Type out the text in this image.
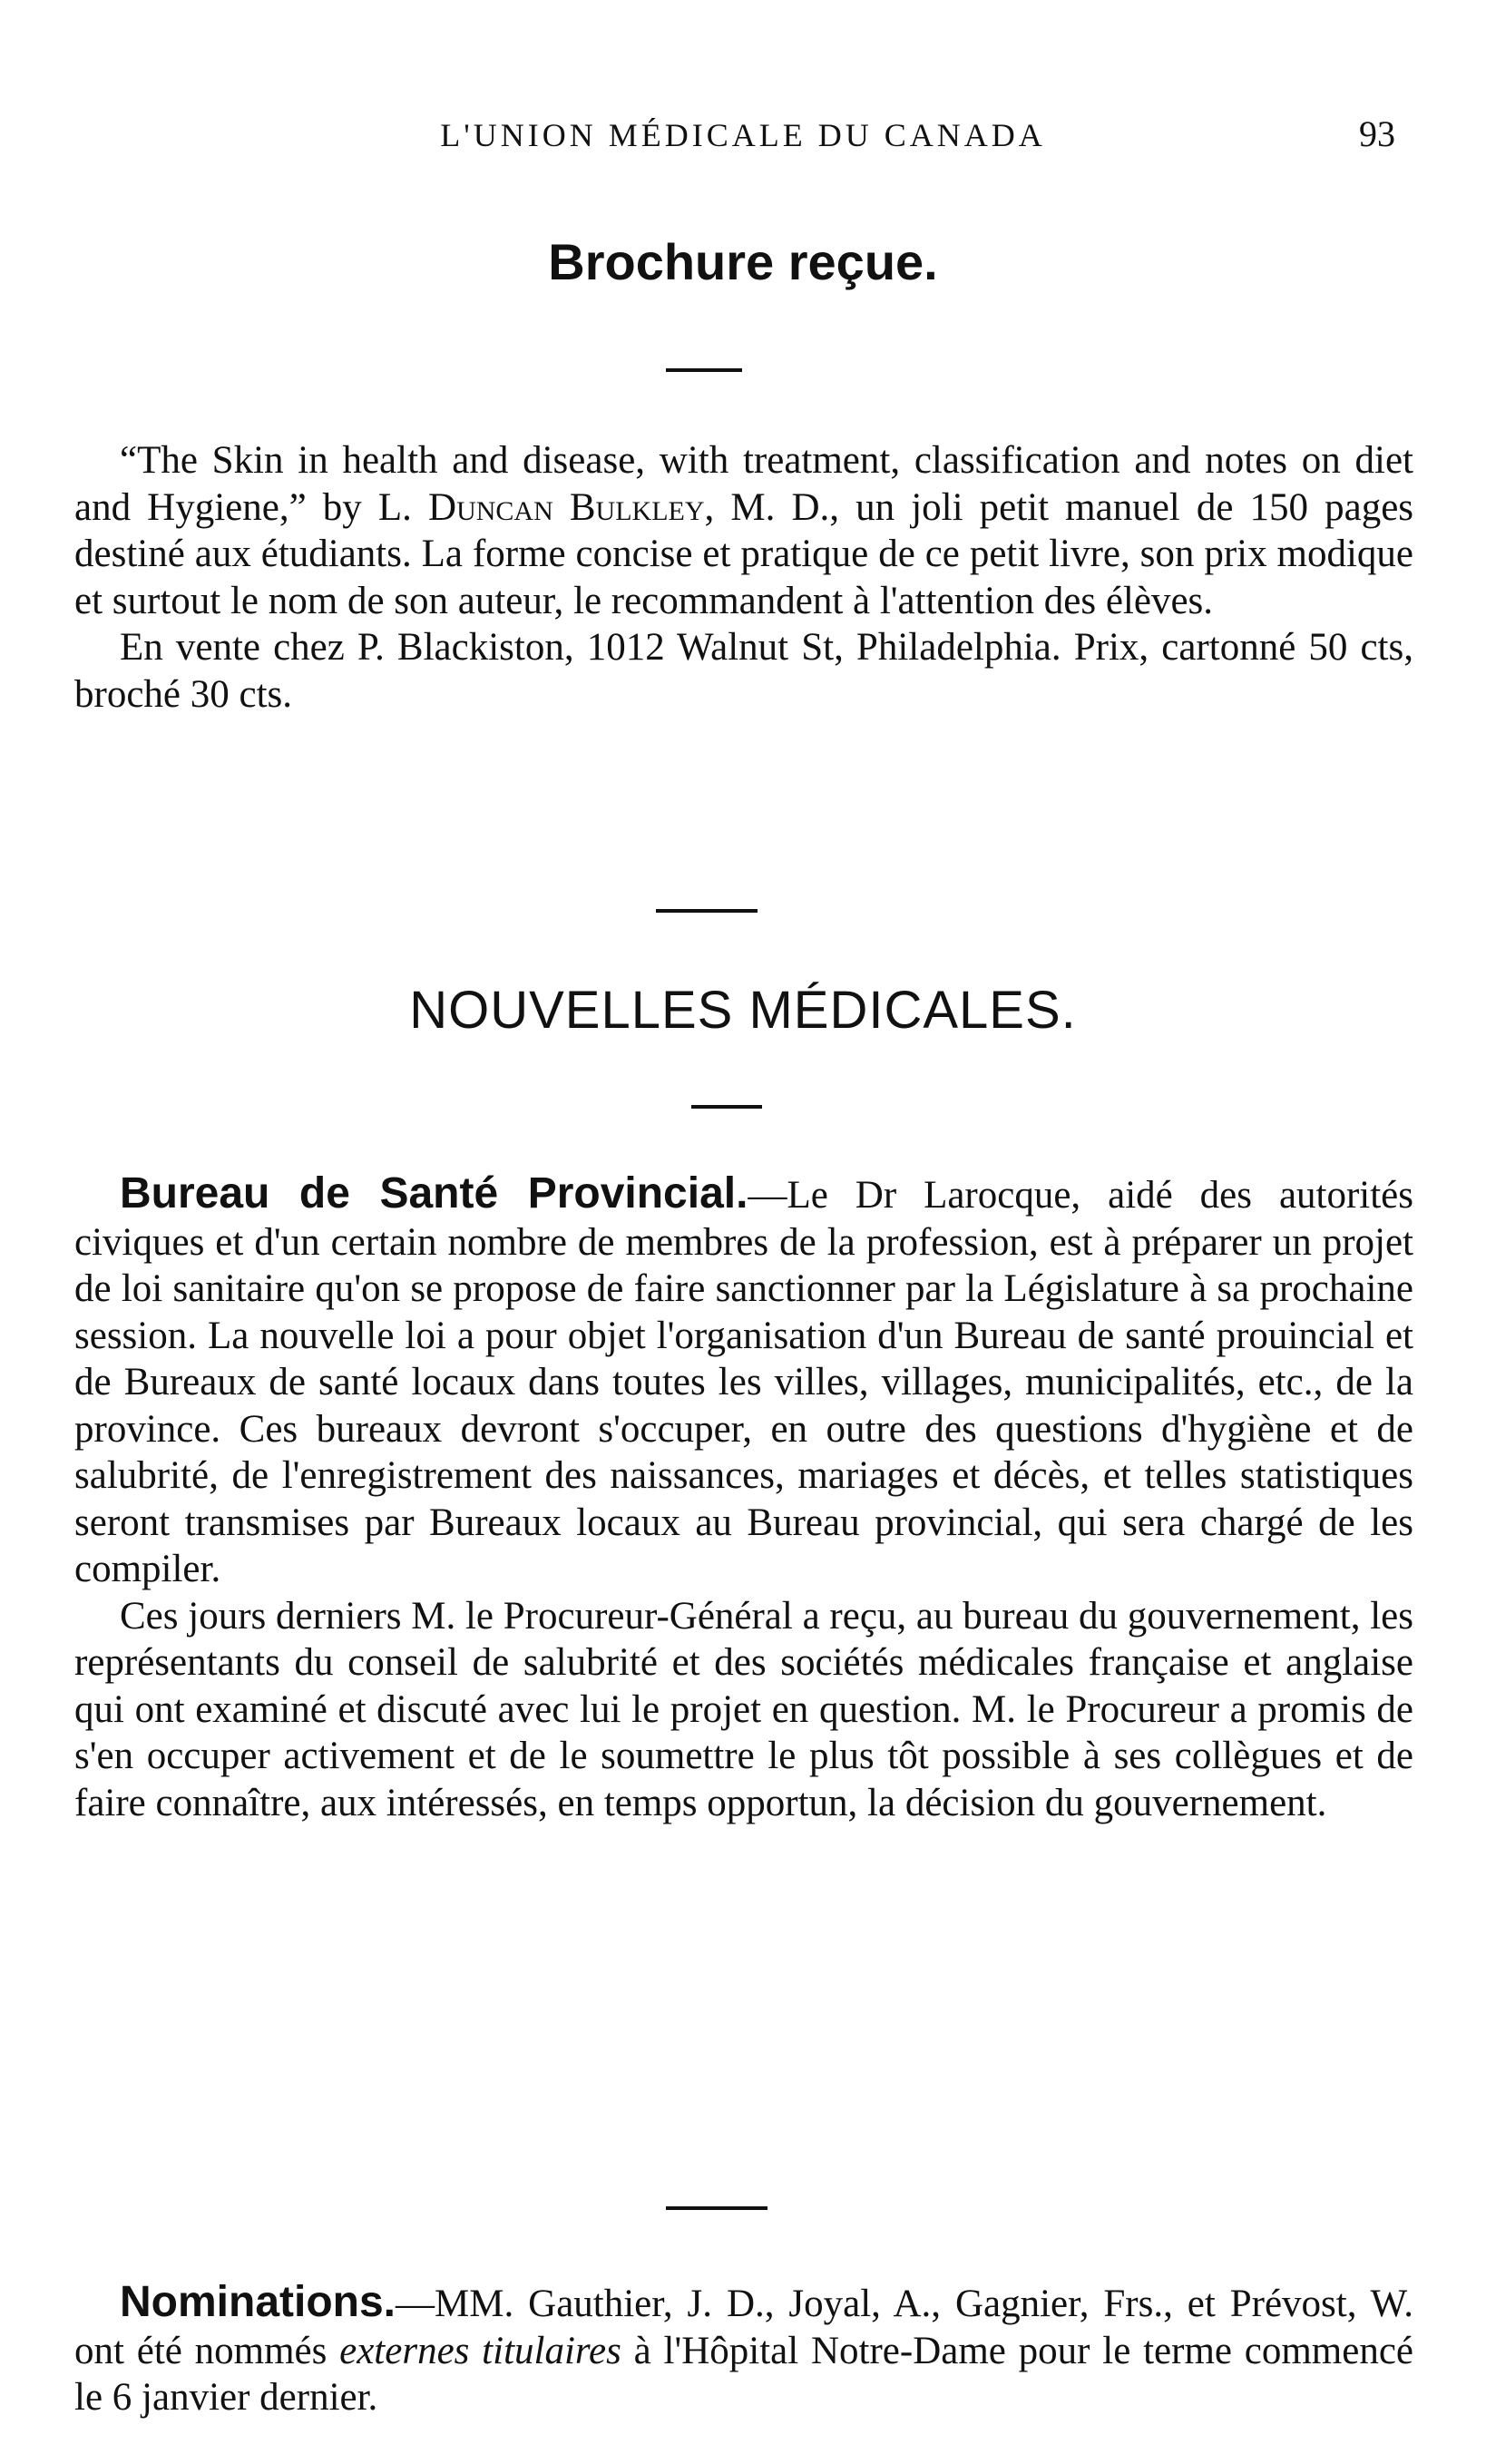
L'UNION MÉDICALE DU CANADA	93
Brochure reçue.

“The Skin in health and disease, with treatment, classification and notes on diet and Hygiene,” by L. Duncan Bulkley, M. D., un joli petit manuel de 150 pages destiné aux étudiants. La forme concise et pratique de ce petit livre, son prix modique et surtout le nom de son auteur, le recommandent à l'attention des élèves.

En vente chez P. Blackiston, 1012 Walnut St, Philadelphia. Prix, cartonné 50 cts, broché 30 cts.

NOUVELLES MÉDICALES.

Bureau de Santé Provincial.—Le Dr Larocque, aidé des autorités civiques et d'un certain nombre de membres de la profession, est à préparer un projet de loi sanitaire qu'on se propose de faire sanctionner par la Législature à sa prochaine session. La nouvelle loi a pour objet l'organisation d'un Bureau de santé prouincial et de Bureaux de santé locaux dans toutes les villes, villages, municipalités, etc., de la province. Ces bureaux devront s'occuper, en outre des questions d'hygiène et de salubrité, de l'enregistrement des naissances, mariages et décès, et telles statistiques seront transmises par Bureaux locaux au Bureau provincial, qui sera chargé de les compiler.

Ces jours derniers M. le Procureur-Général a reçu, au bureau du gouvernement, les représentants du conseil de salubrité et des sociétés médicales française et anglaise qui ont examiné et discuté avec lui le projet en question. M. le Procureur a promis de s'en occuper activement et de le soumettre le plus tôt possible à ses collègues et de faire connaître, aux intéressés, en temps opportun, la décision du gouvernement.

Nominations.—MM. Gauthier, J. D., Joyal, A., Gagnier, Frs., et Prévost, W. ont été nommés externes titulaires à l'Hôpital Notre-Dame pour le terme commencé le 6 janvier dernier.
